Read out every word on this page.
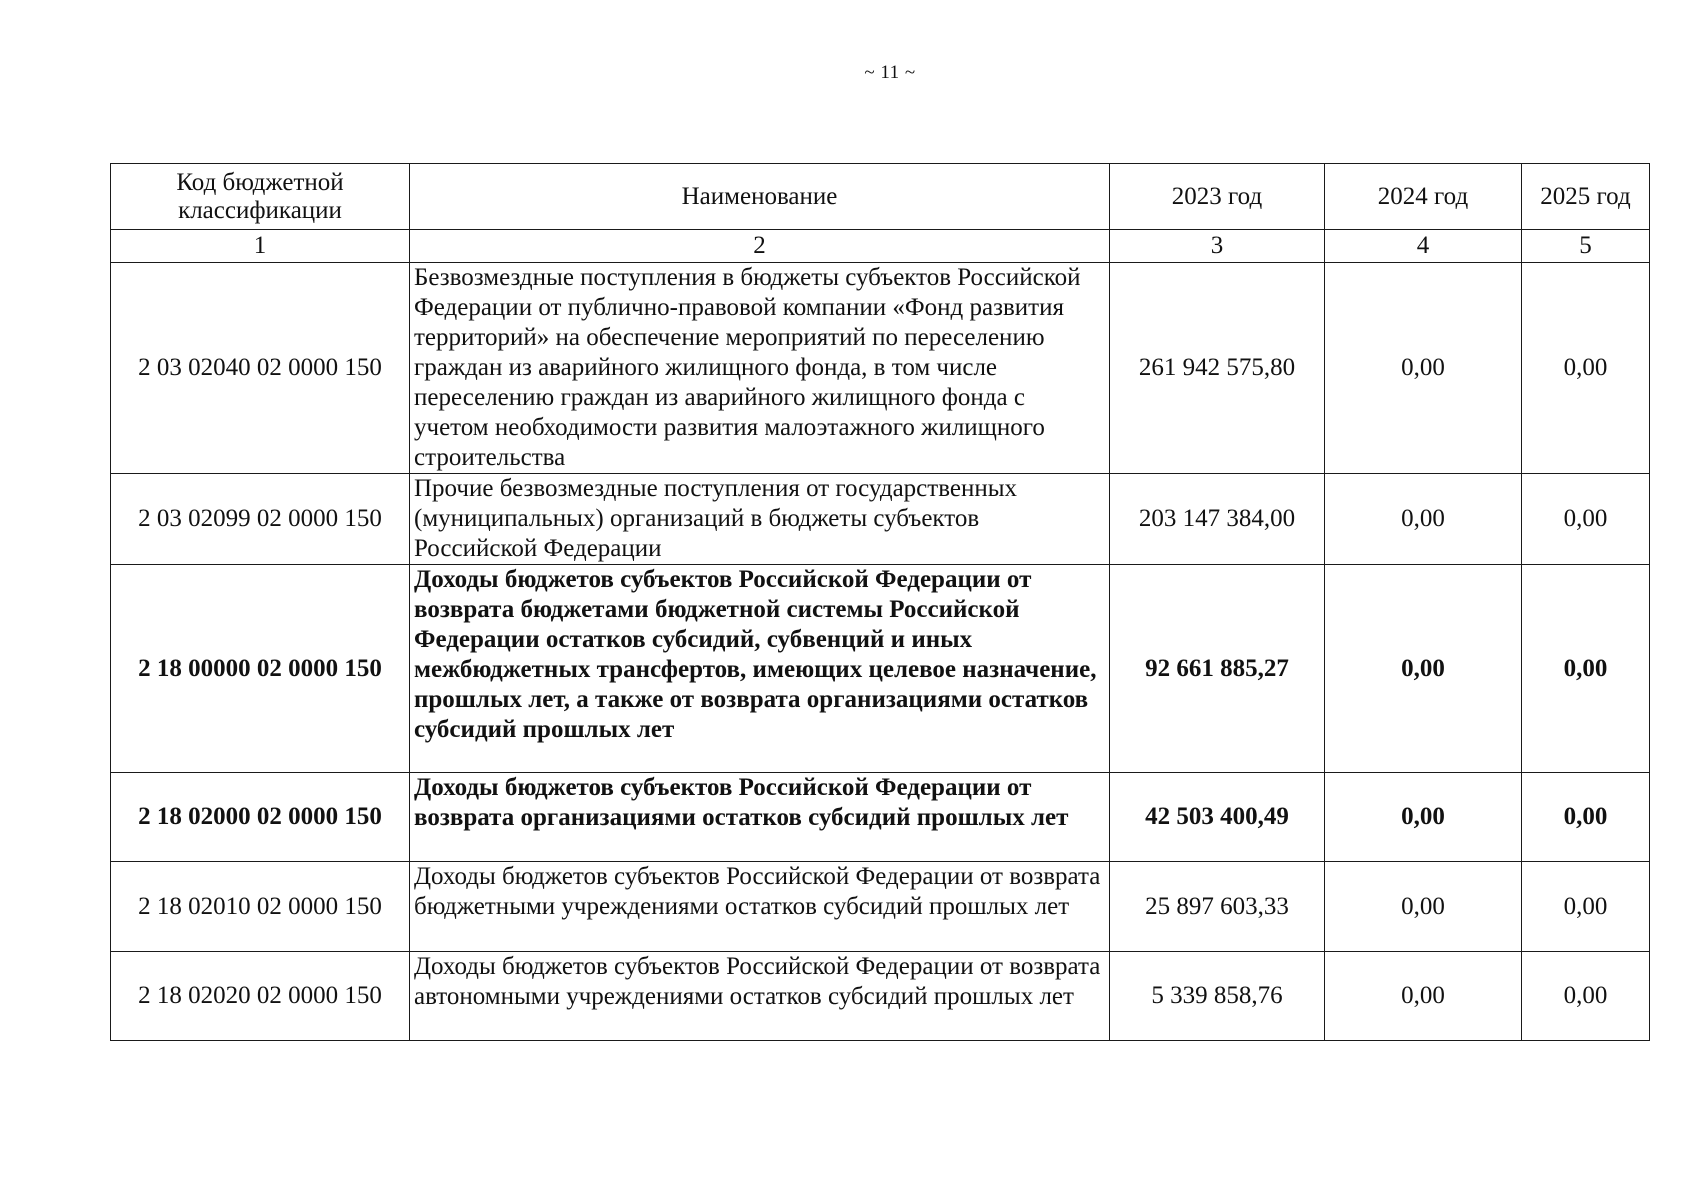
~ 11 ~
Код бюджетной классификации	Наименование	2023 год	2024 год	2025 год
1	2	3	4	5
2 03 02040 02 0000 150	Безвозмездные поступления в бюджеты субъектов Российской Федерации от публично-правовой компании «Фонд развития территорий» на обеспечение мероприятий по переселению граждан из аварийного жилищного фонда, в том числе переселению граждан из аварийного жилищного фонда с учетом необходимости развития малоэтажного жилищного строительства	261 942 575,80	0,00	0,00
2 03 02099 02 0000 150	Прочие безвозмездные поступления от государственных (муниципальных) организаций в бюджеты субъектов Российской Федерации	203 147 384,00	0,00	0,00
2 18 00000 02 0000 150	Доходы бюджетов субъектов Российской Федерации от возврата бюджетами бюджетной системы Российской Федерации остатков субсидий, субвенций и иных межбюджетных трансфертов, имеющих целевое назначение, прошлых лет, а также от возврата организациями остатков субсидий прошлых лет	92 661 885,27	0,00	0,00
2 18 02000 02 0000 150	Доходы бюджетов субъектов Российской Федерации от возврата организациями остатков субсидий прошлых лет	42 503 400,49	0,00	0,00
2 18 02010 02 0000 150	Доходы бюджетов субъектов Российской Федерации от возврата бюджетными учреждениями остатков субсидий прошлых лет	25 897 603,33	0,00	0,00
2 18 02020 02 0000 150	Доходы бюджетов субъектов Российской Федерации от возврата автономными учреждениями остатков субсидий прошлых лет	5 339 858,76	0,00	0,00
